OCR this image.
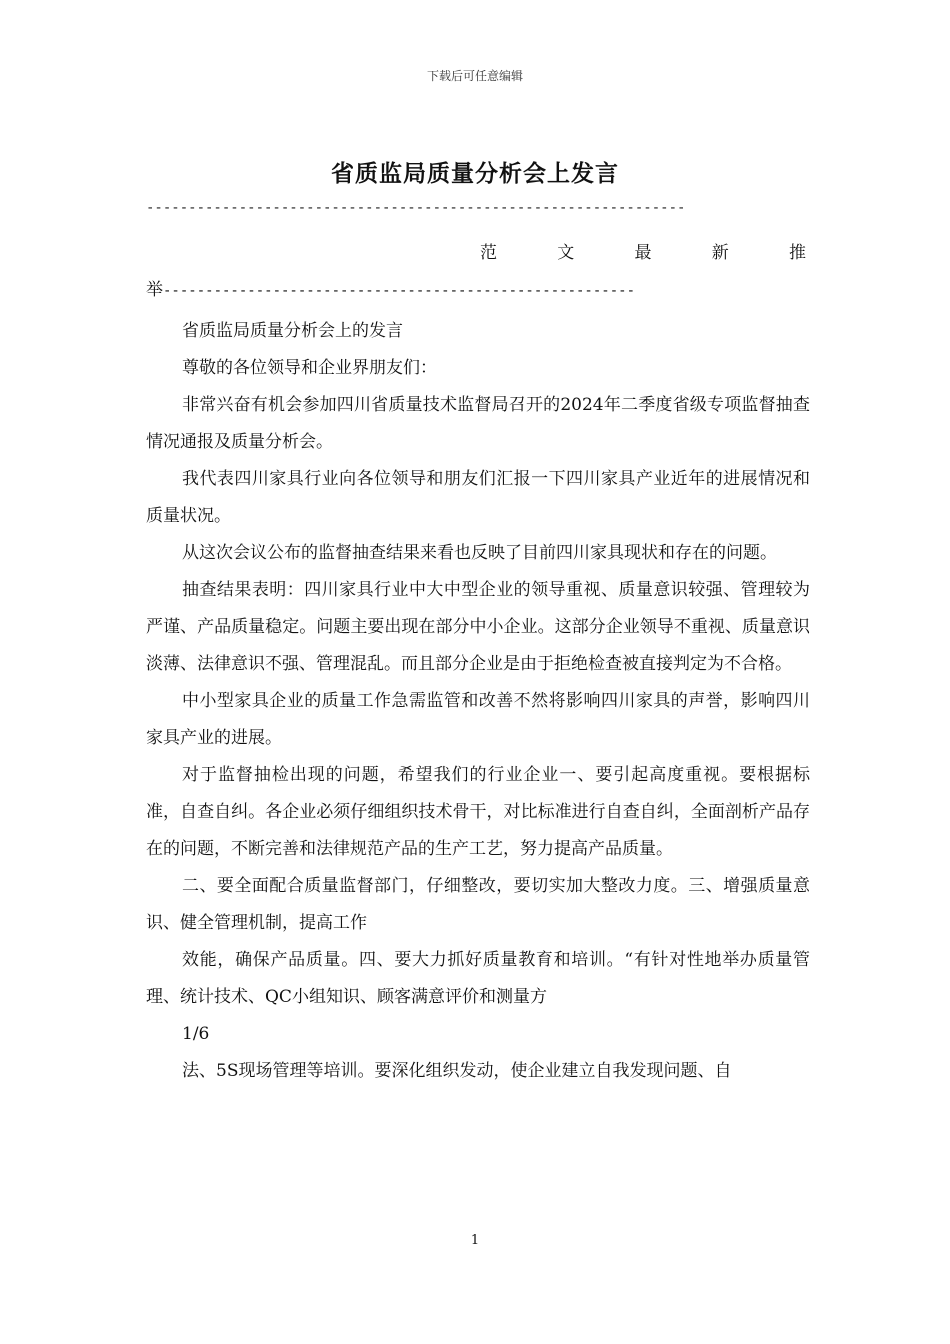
下载后可任意编辑
省质监局质量分析会上发言
----------------------------------------------------------------
范	文	最	新	推
举--------------------------------------------------------

省质监局质量分析会上的发言

尊敬的各位领导和企业界朋友们：

非常兴奋有机会参加四川省质量技术监督局召开的2024年二季度省级专项监督抽查情况通报及质量分析会。

我代表四川家具行业向各位领导和朋友们汇报一下四川家具产业近年的进展情况和质量状况。

从这次会议公布的监督抽查结果来看也反映了目前四川家具现状和存在的问题。

抽查结果表明：四川家具行业中大中型企业的领导重视、质量意识较强、管理较为严谨、产品质量稳定。问题主要出现在部分中小企业。这部分企业领导不重视、质量意识淡薄、法律意识不强、管理混乱。而且部分企业是由于拒绝检查被直接判定为不合格。

中小型家具企业的质量工作急需监管和改善不然将影响四川家具的声誉，影响四川家具产业的进展。

对于监督抽检出现的问题，希望我们的行业企业一、要引起高度重视。要根据标准，自查自纠。各企业必须仔细组织技术骨干，对比标准进行自查自纠，全面剖析产品存在的问题，不断完善和法律规范产品的生产工艺，努力提高产品质量。

二、要全面配合质量监督部门，仔细整改，要切实加大整改力度。三、增强质量意识、健全管理机制，提高工作

效能，确保产品质量。四、要大力抓好质量教育和培训。“有针对性地举办质量管理、统计技术、QC小组知识、顾客满意评价和测量方

1/6

法、5S现场管理等培训。要深化组织发动，使企业建立自我发现问题、自

1
